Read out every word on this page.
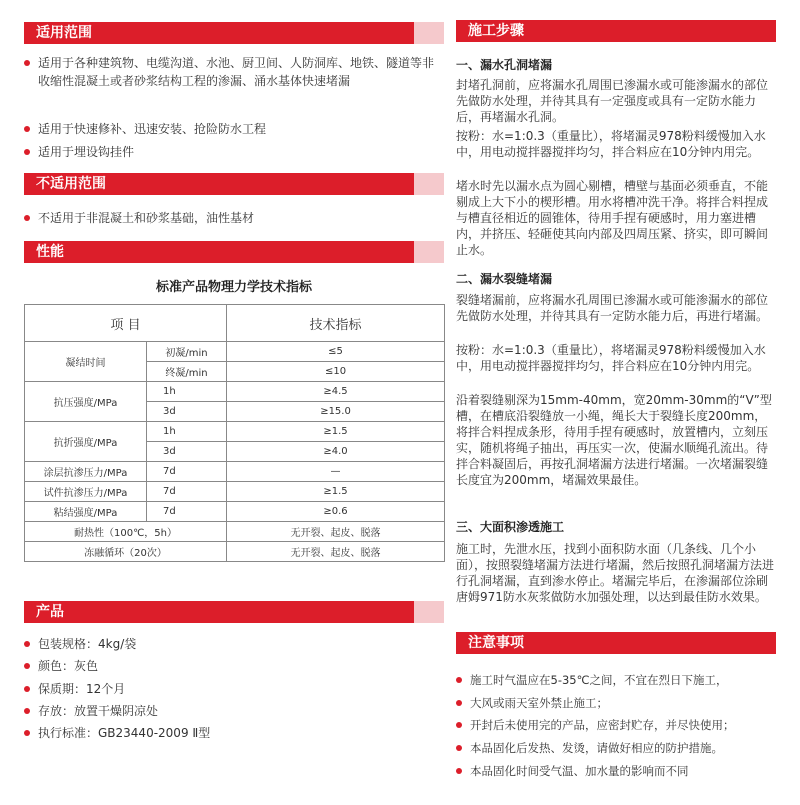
适用范围
适用于各种建筑物、电缆沟道、水池、厨卫间、人防洞库、地铁、隧道等非收缩性混凝土或者砂浆结构工程的渗漏、涌水基体快速堵漏
适用于快速修补、迅速安装、抢险防水工程
适用于埋设钩挂件
不适用范围
不适用于非混凝土和砂浆基础，油性基材
性能
标准产品物理力学技术指标
项 目		技术指标
凝结时间	初凝/min	≤5
	终凝/min	≤10
抗压强度/MPa	1h	≥4.5
	3d	≥15.0
抗折强度/MPa	1h	≥1.5
	3d	≥4.0
涂层抗渗压力/MPa	7d	—
试件抗渗压力/MPa	7d	≥1.5
粘结强度/MPa	7d	≥0.6
耐热性（100℃，5h）		无开裂、起皮、脱落
冻融循环（20次）		无开裂、起皮、脱落
产品
包装规格：4kg/袋
颜色：灰色
保质期：12个月
存放：放置干燥阴凉处
执行标准：GB23440-2009 Ⅱ型
施工步骤
一、漏水孔洞堵漏
封堵孔洞前，应将漏水孔周围已渗漏水或可能渗漏水的部位先做防水处理，并待其具有一定强度或具有一定防水能力后，再堵漏水孔洞。
按粉：水=1:0.3（重量比），将堵漏灵978粉料缓慢加入水中，用电动搅拌器搅拌均匀，拌合料应在10分钟内用完。
堵水时先以漏水点为圆心剔槽，槽壁与基面必须垂直，不能剔成上大下小的楔形槽。用水将槽冲洗干净。将拌合料捏成与槽直径相近的圆锥体，待用手捏有硬感时，用力塞进槽内，并挤压、轻砸使其向内部及四周压紧、挤实，即可瞬间止水。
二、漏水裂缝堵漏
裂缝堵漏前，应将漏水孔周围已渗漏水或可能渗漏水的部位先做防水处理，并待其具有一定防水能力后，再进行堵漏。
按粉：水=1:0.3（重量比），将堵漏灵978粉料缓慢加入水中，用电动搅拌器搅拌均匀，拌合料应在10分钟内用完。
沿着裂缝剔深为15mm-40mm，宽20mm-30mm的“V”型槽，在槽底沿裂缝放一小绳，绳长大于裂缝长度200mm，将拌合料捏成条形，待用手捏有硬感时，放置槽内，立刻压实，随机将绳子抽出，再压实一次，使漏水顺绳孔流出。待拌合料凝固后，再按孔洞堵漏方法进行堵漏。一次堵漏裂缝长度宜为200mm，堵漏效果最佳。
三、大面积渗透施工
施工时，先泄水压，找到小面积防水面（几条线、几个小面），按照裂缝堵漏方法进行堵漏，然后按照孔洞堵漏方法进行孔洞堵漏，直到渗水停止。堵漏完毕后，在渗漏部位涂刷唐姆971防水灰浆做防水加强处理，以达到最佳防水效果。
注意事项
施工时气温应在5-35℃之间，不宜在烈日下施工，
大风或雨天室外禁止施工；
开封后未使用完的产品，应密封贮存，并尽快使用；
本品固化后发热、发烫，请做好相应的防护措施。
本品固化时间受气温、加水量的影响而不同
